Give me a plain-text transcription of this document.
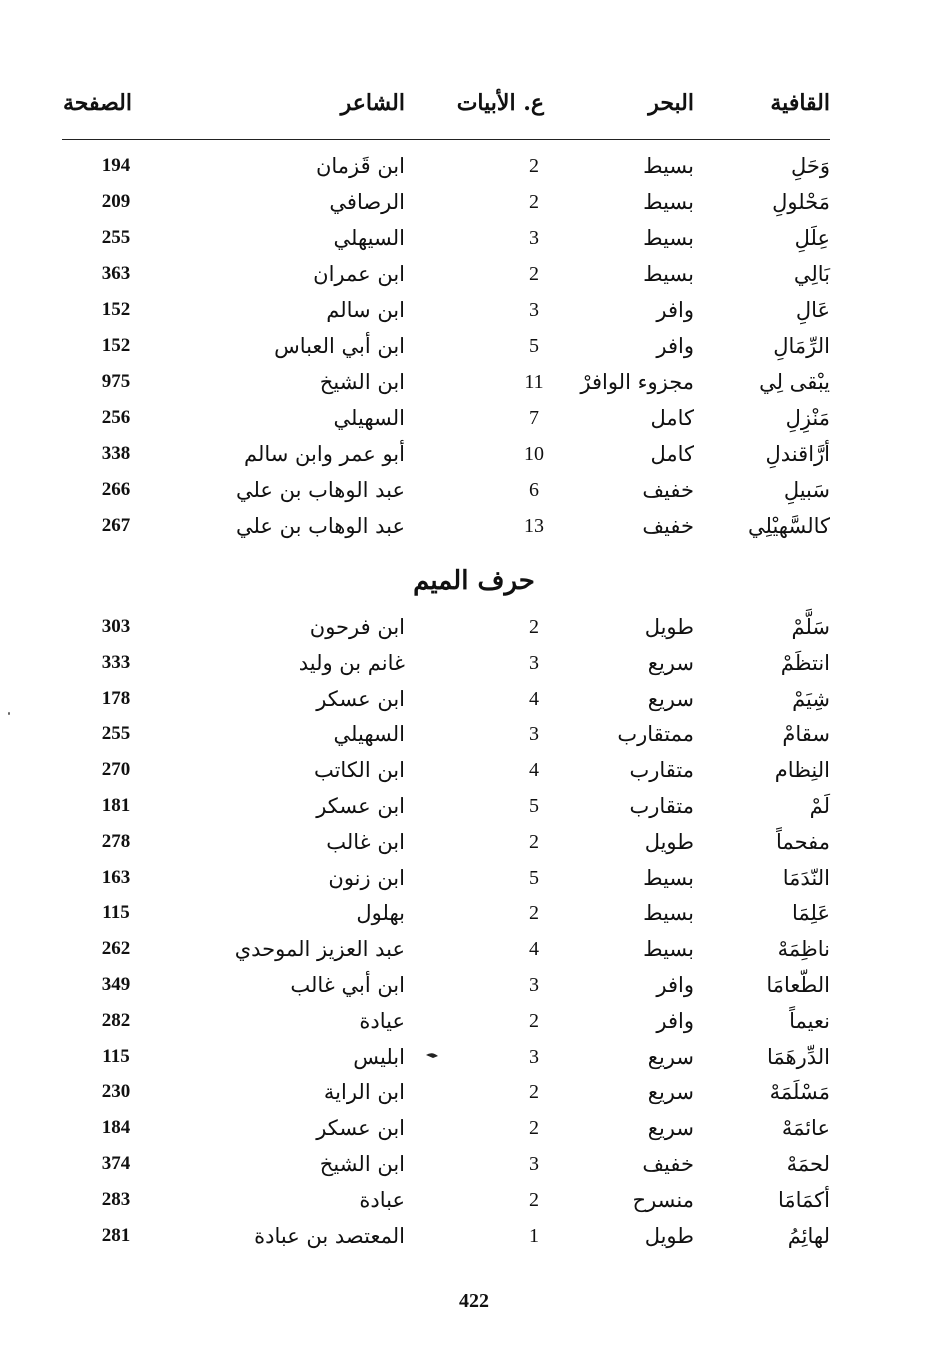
القافية
البحر
ع. الأبيات
الشاعر
الصفحة
وَحَلِ
بسيط
2
ابن قَزمان
194
مَحْلولِ
بسيط
2
الرصافي
209
عِلَلِ
بسيط
3
السيهلي
255
بَالِي
بسيط
2
ابن عمران
363
عَالِ
وافر
3
ابن سالم
152
الرِّمَالِ
وافر
5
ابن أبي العباس
152
يبْقى لِي
مجزوء الوافرْ
11
ابن الشيخ
975
مَنْزِلِ
كامل
7
السهيلي
256
أرَّاقندلِ
كامل
10
أبو عمر وابن سالم
338
سَبيلِ
خفيف
6
عبد الوهاب بن علي
266
كالسَّهيْلِي
خفيف
13
عبد الوهاب بن علي
267
حرف الميم
سَلَّمْ
طويل
2
ابن فرحون
303
انتظَمْ
سريع
3
غانم بن وليد
333
شِيَمْ
سريع
4
ابن عسكر
178
سقامْ
ممتقارب
3
السهيلي
255
النِظام
متقارب
4
ابن الكاتب
270
لَمْ
متقارب
5
ابن عسكر
181
مفحماً
طويل
2
ابن غالب
278
النّدَمَا
بسيط
5
ابن زنون
163
عَلِمَا
بسيط
2
بهلول
115
ناظِمَهْ
بسيط
4
عبد العزيز الموحدي
262
الطّعامَا
وافر
3
ابن أبي غالب
349
نعيماً
وافر
2
عيادة
282
الدِّرهَمَا
سريع
3
ابليس
115
مَسْلَمَهْ
سريع
2
ابن الراية
230
عائمَهْ
سريع
2
ابن عسكر
184
لحمَهْ
خفيف
3
ابن الشيخ
374
أكمَامَا
منسرح
2
عبادة
283
لهائِمُ
طويل
1
المعتصد بن عبادة
281
422
